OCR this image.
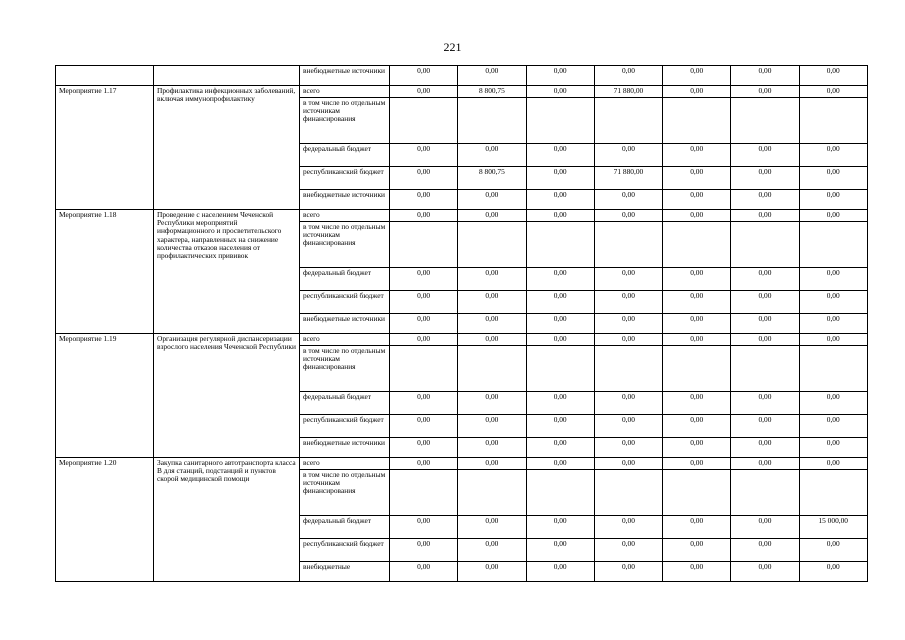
221
		внебюджетные источники	0,00	0,00	0,00	0,00	0,00	0,00	0,00
Мероприятие 1.17	Профилактика инфекционных заболеваний, включая иммунопрофилактику	всего	0,00	8 800,75	0,00	71 880,00	0,00	0,00	0,00
		в том числе по отдельным источникам финансирования							
		федеральный бюджет	0,00	0,00	0,00	0,00	0,00	0,00	0,00
		республиканский бюджет	0,00	8 800,75	0,00	71 880,00	0,00	0,00	0,00
		внебюджетные источники	0,00	0,00	0,00	0,00	0,00	0,00	0,00
Мероприятие 1.18	Проведение с населением Чеченской Республики мероприятий информационного и просветительского характера, направленных на снижение количества отказов населения от профилактических прививок	всего	0,00	0,00	0,00	0,00	0,00	0,00	0,00
		в том числе по отдельным источникам финансирования							
		федеральный бюджет	0,00	0,00	0,00	0,00	0,00	0,00	0,00
		республиканский бюджет	0,00	0,00	0,00	0,00	0,00	0,00	0,00
		внебюджетные источники	0,00	0,00	0,00	0,00	0,00	0,00	0,00
Мероприятие 1.19	Организация регулярной диспансеризации взрослого населения Чеченской Республики	всего	0,00	0,00	0,00	0,00	0,00	0,00	0,00
		в том числе по отдельным источникам финансирования							
		федеральный бюджет	0,00	0,00	0,00	0,00	0,00	0,00	0,00
		республиканский бюджет	0,00	0,00	0,00	0,00	0,00	0,00	0,00
		внебюджетные источники	0,00	0,00	0,00	0,00	0,00	0,00	0,00
Мероприятие 1.20	Закупка санитарного автотранспорта класса В для станций, подстанций и пунктов скорой медицинской помощи	всего	0,00	0,00	0,00	0,00	0,00	0,00	0,00
		в том числе по отдельным источникам финансирования							
		федеральный бюджет	0,00	0,00	0,00	0,00	0,00	0,00	15 000,00
		республиканский бюджет	0,00	0,00	0,00	0,00	0,00	0,00	0,00
		внебюджетные	0,00	0,00	0,00	0,00	0,00	0,00	0,00
